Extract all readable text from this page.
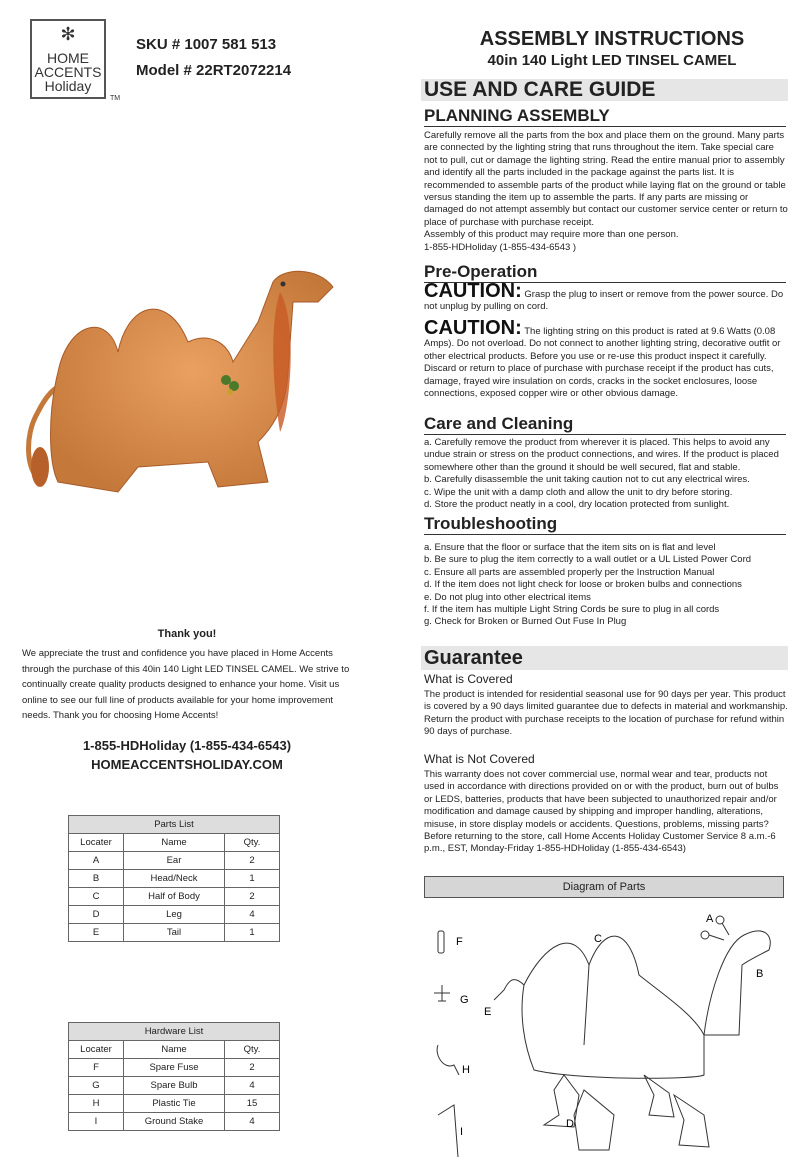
✻
HOME
ACCENTS
Holiday
TM
SKU # 1007 581 513
Model # 22RT2072214
ASSEMBLY INSTRUCTIONS
40in 140 Light LED TINSEL CAMEL
Thank you!
We appreciate the trust and confidence you have placed in Home Accents through the purchase of this 40in 140 Light LED TINSEL CAMEL. We strive to continually create quality products designed to enhance your home. Visit us online to see our full line of products available for your home improvement needs. Thank you for choosing Home Accents!
1-855-HDHoliday (1-855-434-6543)
HOMEACCENTSHOLIDAY.COM
Parts List		
Locater	Name	Qty.
A	Ear	2
B	Head/Neck	1
C	Half of Body	2
D	Leg	4
E	Tail	1
Hardware List		
Locater	Name	Qty.
F	Spare Fuse	2
G	Spare Bulb	4
H	Plastic Tie	15
I	Ground Stake	4
USE AND CARE GUIDE
PLANNING ASSEMBLY
Carefully remove all the parts from the box and place them on the ground. Many parts are connected by the lighting string that runs throughout the item. Take special care not to pull, cut or damage the lighting string. Read the entire manual prior to assembly and identify all the parts included in the package against the parts list. It is recommended to assemble parts of the product while laying flat on the ground or table versus standing the item up to assemble the parts. If any parts are missing or damaged do not attempt assembly but contact our customer service center or return to place of purchase with purchase receipt.
Assembly of this product may require more than one person.
1-855-HDHoliday (1-855-434-6543 )
Pre-Operation
CAUTION: Grasp the plug to insert or remove from the power source. Do not unplug by pulling on cord.
CAUTION: The lighting string on this product is rated at 9.6 Watts (0.08 Amps). Do not overload. Do not connect to another lighting string, decorative outfit or other electrical products. Before you use or re-use this product inspect it carefully. Discard or return to place of purchase with purchase receipt if the product has cuts, damage, frayed wire insulation on cords, cracks in the socket enclosures, loose connections, exposed copper wire or other obvious damage.
Care and Cleaning
a. Carefully remove the product from wherever it is placed. This helps to avoid any undue strain or stress on the product connections, and wires. If the product is placed somewhere other than the ground it should be well secured, flat and stable.
b. Carefully disassemble the unit taking caution not to cut any electrical wires.
c. Wipe the unit with a damp cloth and allow the unit to dry before storing.
d. Store the product neatly in a cool, dry location protected from sunlight.
Troubleshooting
a. Ensure that the floor or surface that the item sits on is flat and level
b. Be sure to plug the item correctly to a wall outlet or a UL Listed Power Cord
c. Ensure all parts are assembled properly per the Instruction Manual
d. If the item does not light check for loose or broken bulbs and connections
e. Do not plug into other electrical items
f. If the item has multiple Light String Cords be sure to plug in all cords
g. Check for Broken or Burned Out Fuse In Plug
Guarantee
What is Covered
The product is intended for residential seasonal use for 90 days per year. This product is covered by a 90 days limited guarantee due to defects in material and workmanship. Return the product with purchase receipts to the location of purchase for refund within 90 days of purchase.
What is Not Covered
This warranty does not cover commercial use, normal wear and tear, products not used in accordance with directions provided on or with the product, burn out of bulbs or LEDS, batteries, products that have been subjected to unauthorized repair and/or modification and damage caused by shipping and improper handling, alterations, misuse, in store display models or accidents. Questions, problems, missing parts? Before returning to the store, call Home Accents Holiday Customer Service 8 a.m.-6 p.m., EST, Monday-Friday 1-855-HDHoliday (1-855-434-6543)
Diagram of Parts
A
B
C
D
E
F
G
H
I
